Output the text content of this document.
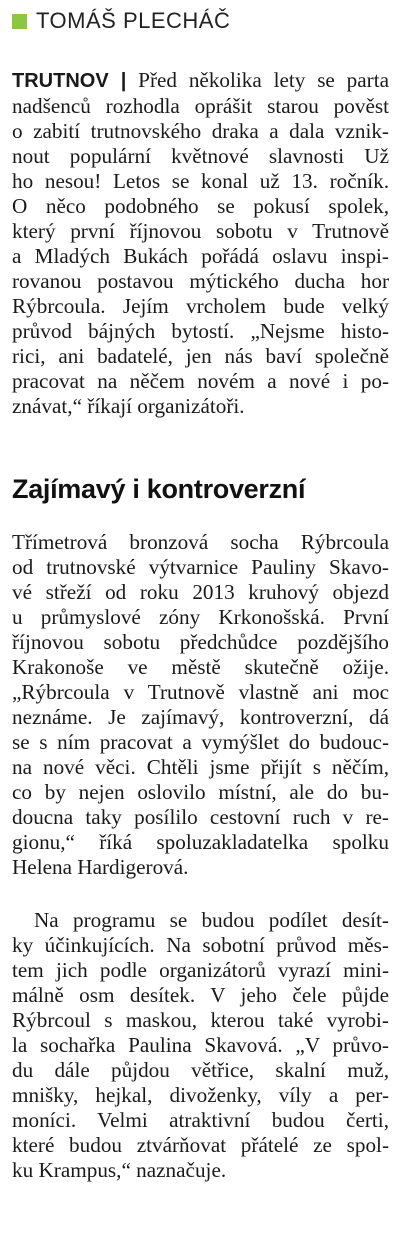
TOMÁŠ PLECHÁČ
TRUTNOV | Před několika lety se parta
nadšenců rozhodla oprášit starou pověst
o zabití trutnovského draka a dala vznik-
nout populární květnové slavnosti Už
ho nesou! Letos se konal už 13. ročník.
O něco podobného se pokusí spolek,
který první říjnovou sobotu v Trutnově
a Mladých Bukách pořádá oslavu inspi-
rovanou postavou mýtického ducha hor
Rýbrcoula. Jejím vrcholem bude velký
průvod bájných bytostí. „Nejsme histo-
rici, ani badatelé, jen nás baví společně
pracovat na něčem novém a nové i po-
znávat,“ říkají organizátoři.
Zajímavý i kontroverzní
Třímetrová bronzová socha Rýbrcoula
od trutnovské výtvarnice Pauliny Skavo-
vé střeží od roku 2013 kruhový objezd
u průmyslové zóny Krkonošská. První
říjnovou sobotu předchůdce pozdějšího
Krakonoše ve městě skutečně ožije.
„Rýbrcoula v Trutnově vlastně ani moc
neznáme. Je zajímavý, kontroverzní, dá
se s ním pracovat a vymýšlet do budouc-
na nové věci. Chtěli jsme přijít s něčím,
co by nejen oslovilo místní, ale do bu-
doucna taky posílilo cestovní ruch v re-
gionu,“ říká spoluzakladatelka spolku
Helena Hardigerová.
Na programu se budou podílet desít-
ky účinkujících. Na sobotní průvod měs-
tem jich podle organizátorů vyrazí mini-
málně osm desítek. V jeho čele půjde
Rýbrcoul s maskou, kterou také vyrobi-
la sochařka Paulina Skavová. „V průvo-
du dále půjdou větřice, skalní muž,
mnišky, hejkal, divoženky, víly a per-
moníci. Velmi atraktivní budou čerti,
které budou ztvárňovat přátelé ze spol-
ku Krampus,“ naznačuje.
